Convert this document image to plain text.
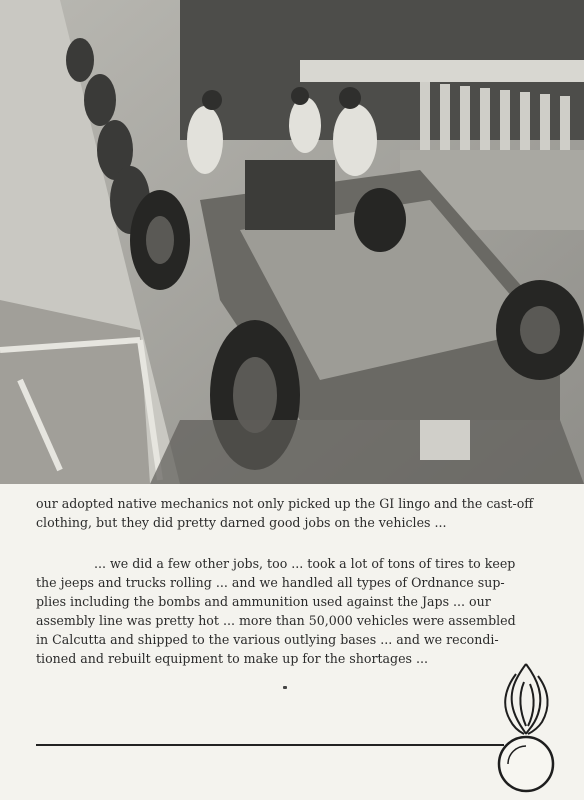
our adopted native mechanics not only picked up the GI lingo and the cast-off
clothing, but they did pretty darned good jobs on the vehicles ...
... we did a few other jobs, too ... took a lot of tons of tires to keep
the jeeps and trucks rolling ... and we handled all types of Ordnance sup-
plies including the bombs and ammunition used against the Japs ... our
assembly line was pretty hot ... more than 50,000 vehicles were assembled
in Calcutta and shipped to the various outlying bases ... and we recondi-
tioned and rebuilt equipment to make up for the shortages ...
